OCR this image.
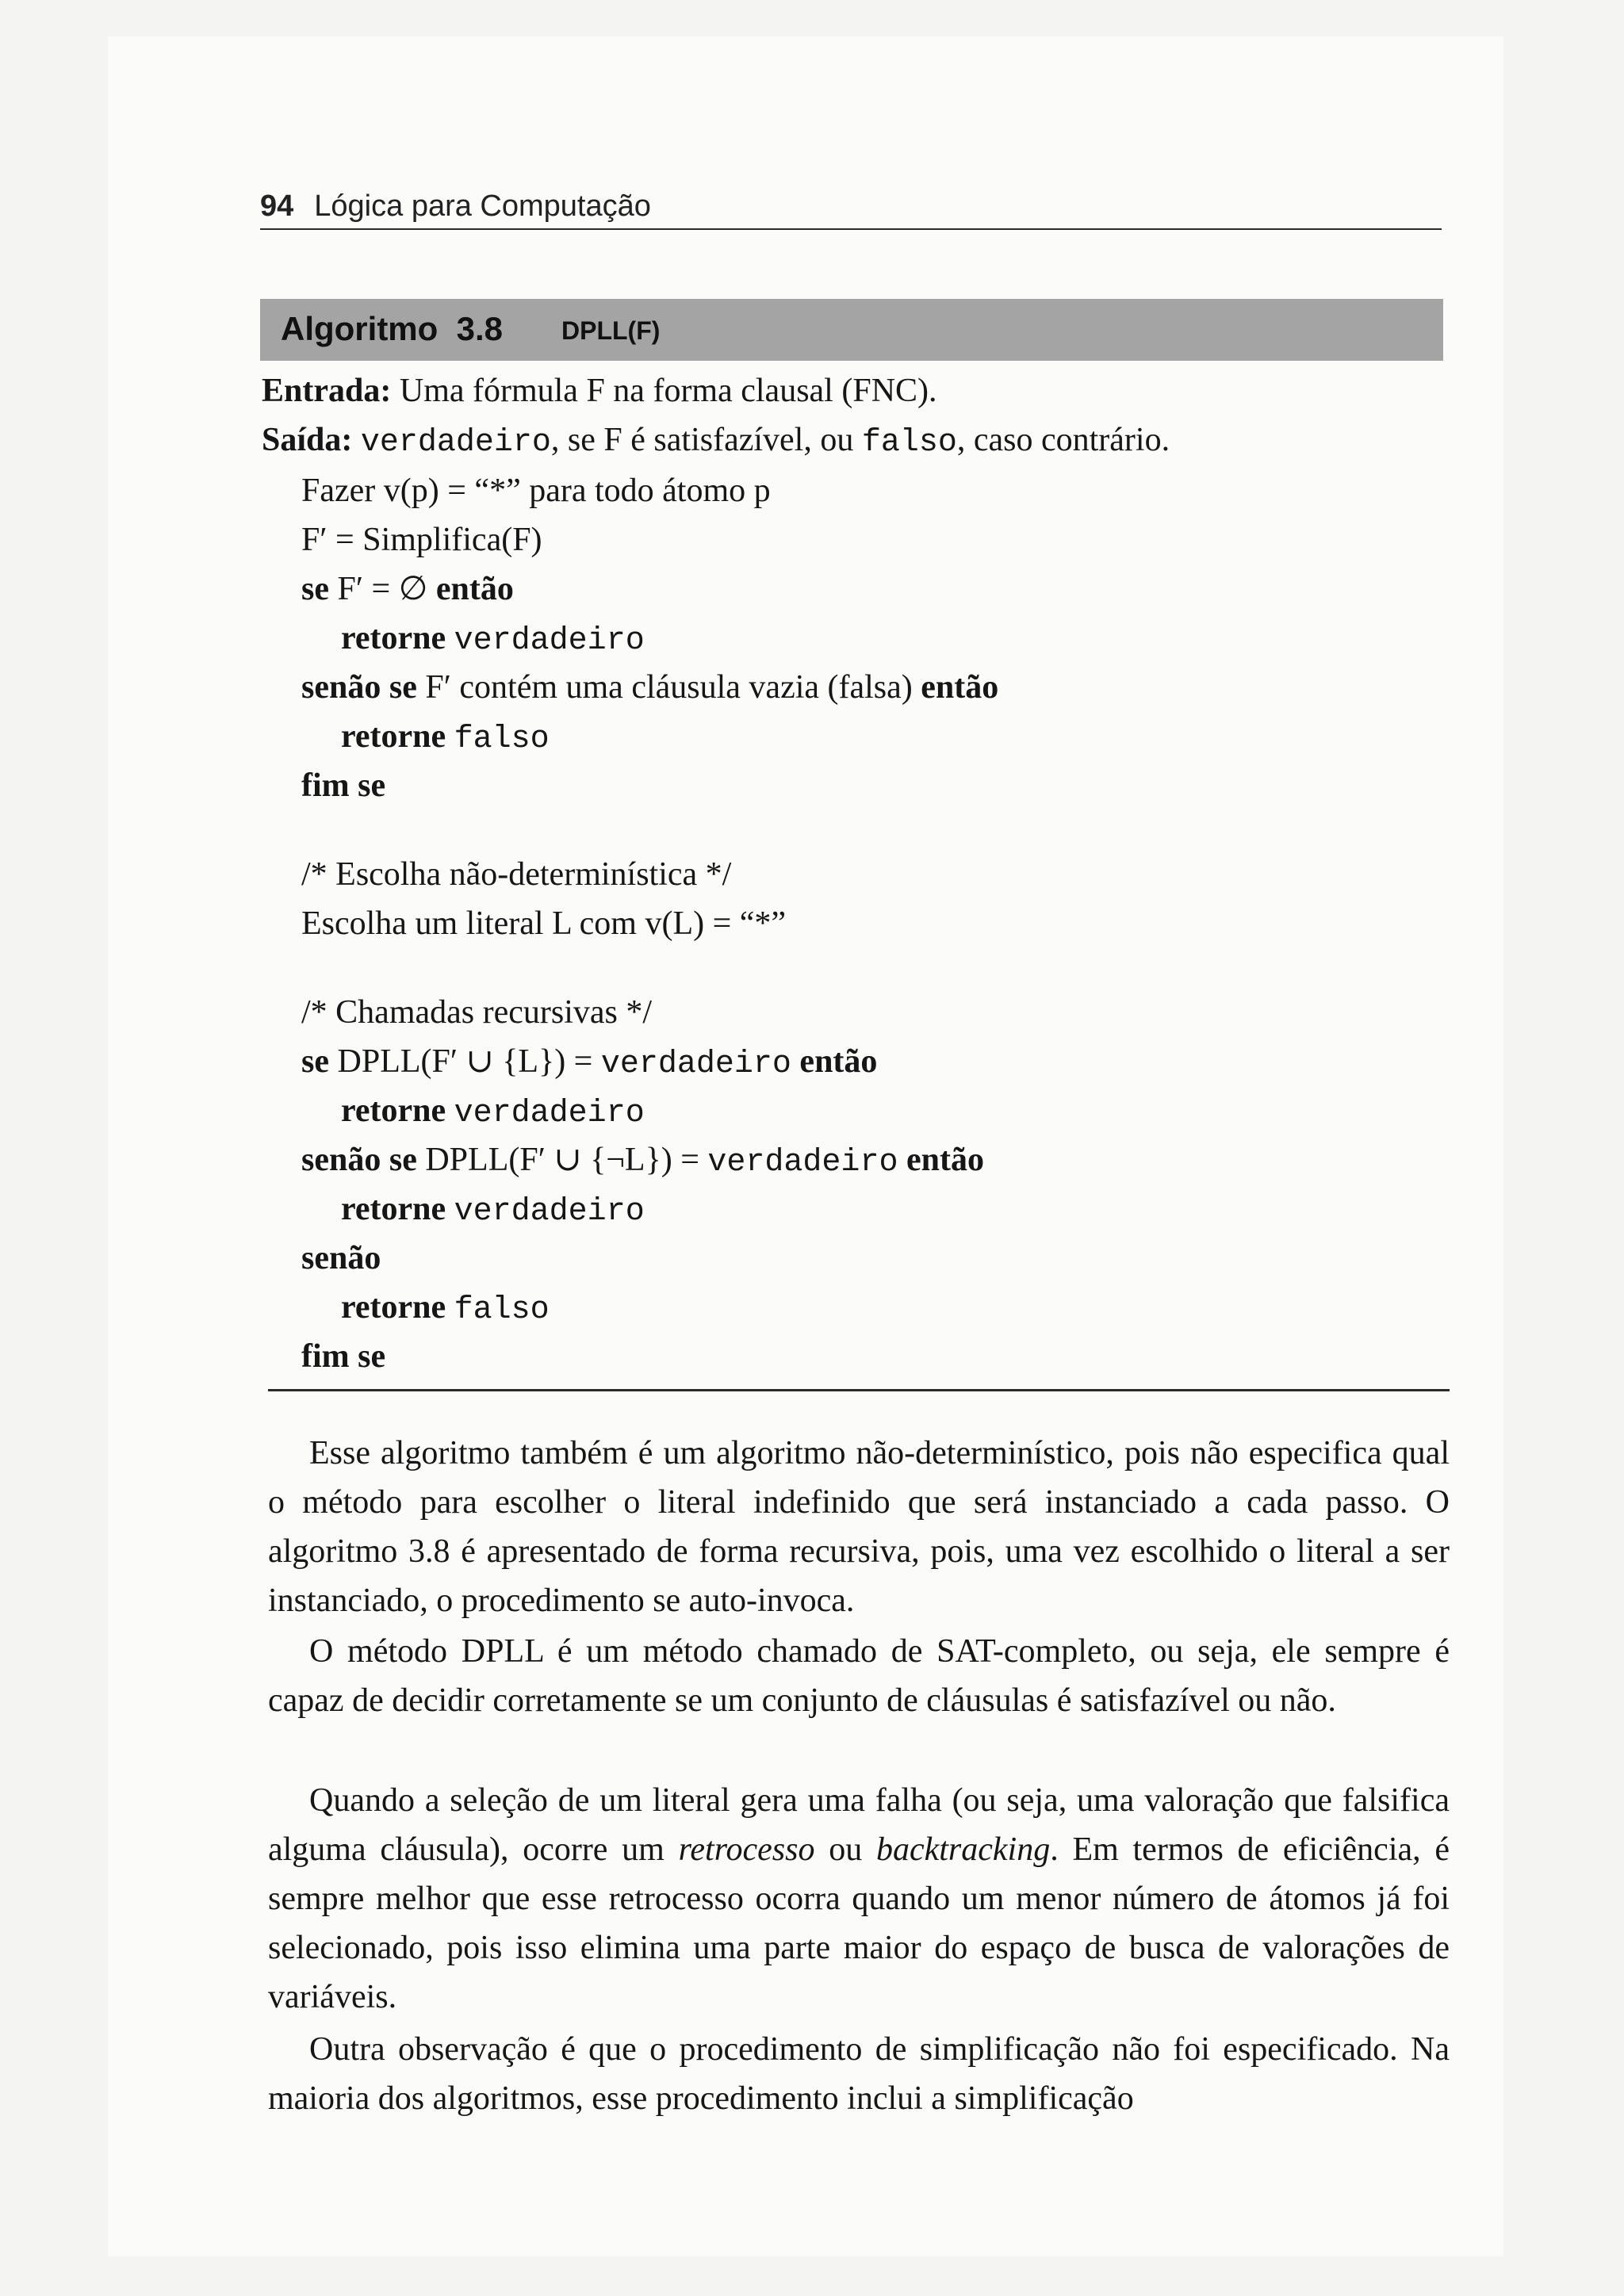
94 Lógica para Computação
Algoritmo  3.8 DPLL(F)
Entrada: Uma fórmula F na forma clausal (FNC).
Saída: verdadeiro, se F é satisfazível, ou falso, caso contrário.
Fazer v(p) = “*” para todo átomo p
F′ = Simplifica(F)
se F′ = ∅ então
retorne verdadeiro
senão se F′ contém uma cláusula vazia (falsa) então
retorne falso
fim se
/* Escolha não-determinística */
Escolha um literal L com v(L) = “*”
/* Chamadas recursivas */
se DPLL(F′ ∪ {L}) = verdadeiro então
retorne verdadeiro
senão se DPLL(F′ ∪ {¬L}) = verdadeiro então
retorne verdadeiro
senão
retorne falso
fim se

Esse algoritmo também é um algoritmo não-determinístico, pois não especifica qual o método para escolher o literal indefinido que será instanciado a cada passo. O algoritmo 3.8 é apresentado de forma recursiva, pois, uma vez escolhido o literal a ser instanciado, o procedimento se auto-invoca.

O método DPLL é um método chamado de SAT-completo, ou seja, ele sempre é capaz de decidir corretamente se um conjunto de cláusulas é satisfazível ou não.

Quando a seleção de um literal gera uma falha (ou seja, uma valoração que falsifica alguma cláusula), ocorre um retrocesso ou backtracking. Em termos de eficiência, é sempre melhor que esse retrocesso ocorra quando um menor número de átomos já foi selecionado, pois isso elimina uma parte maior do espaço de busca de valorações de variáveis.

Outra observação é que o procedimento de simplificação não foi especificado. Na maioria dos algoritmos, esse procedimento inclui a simplificação
